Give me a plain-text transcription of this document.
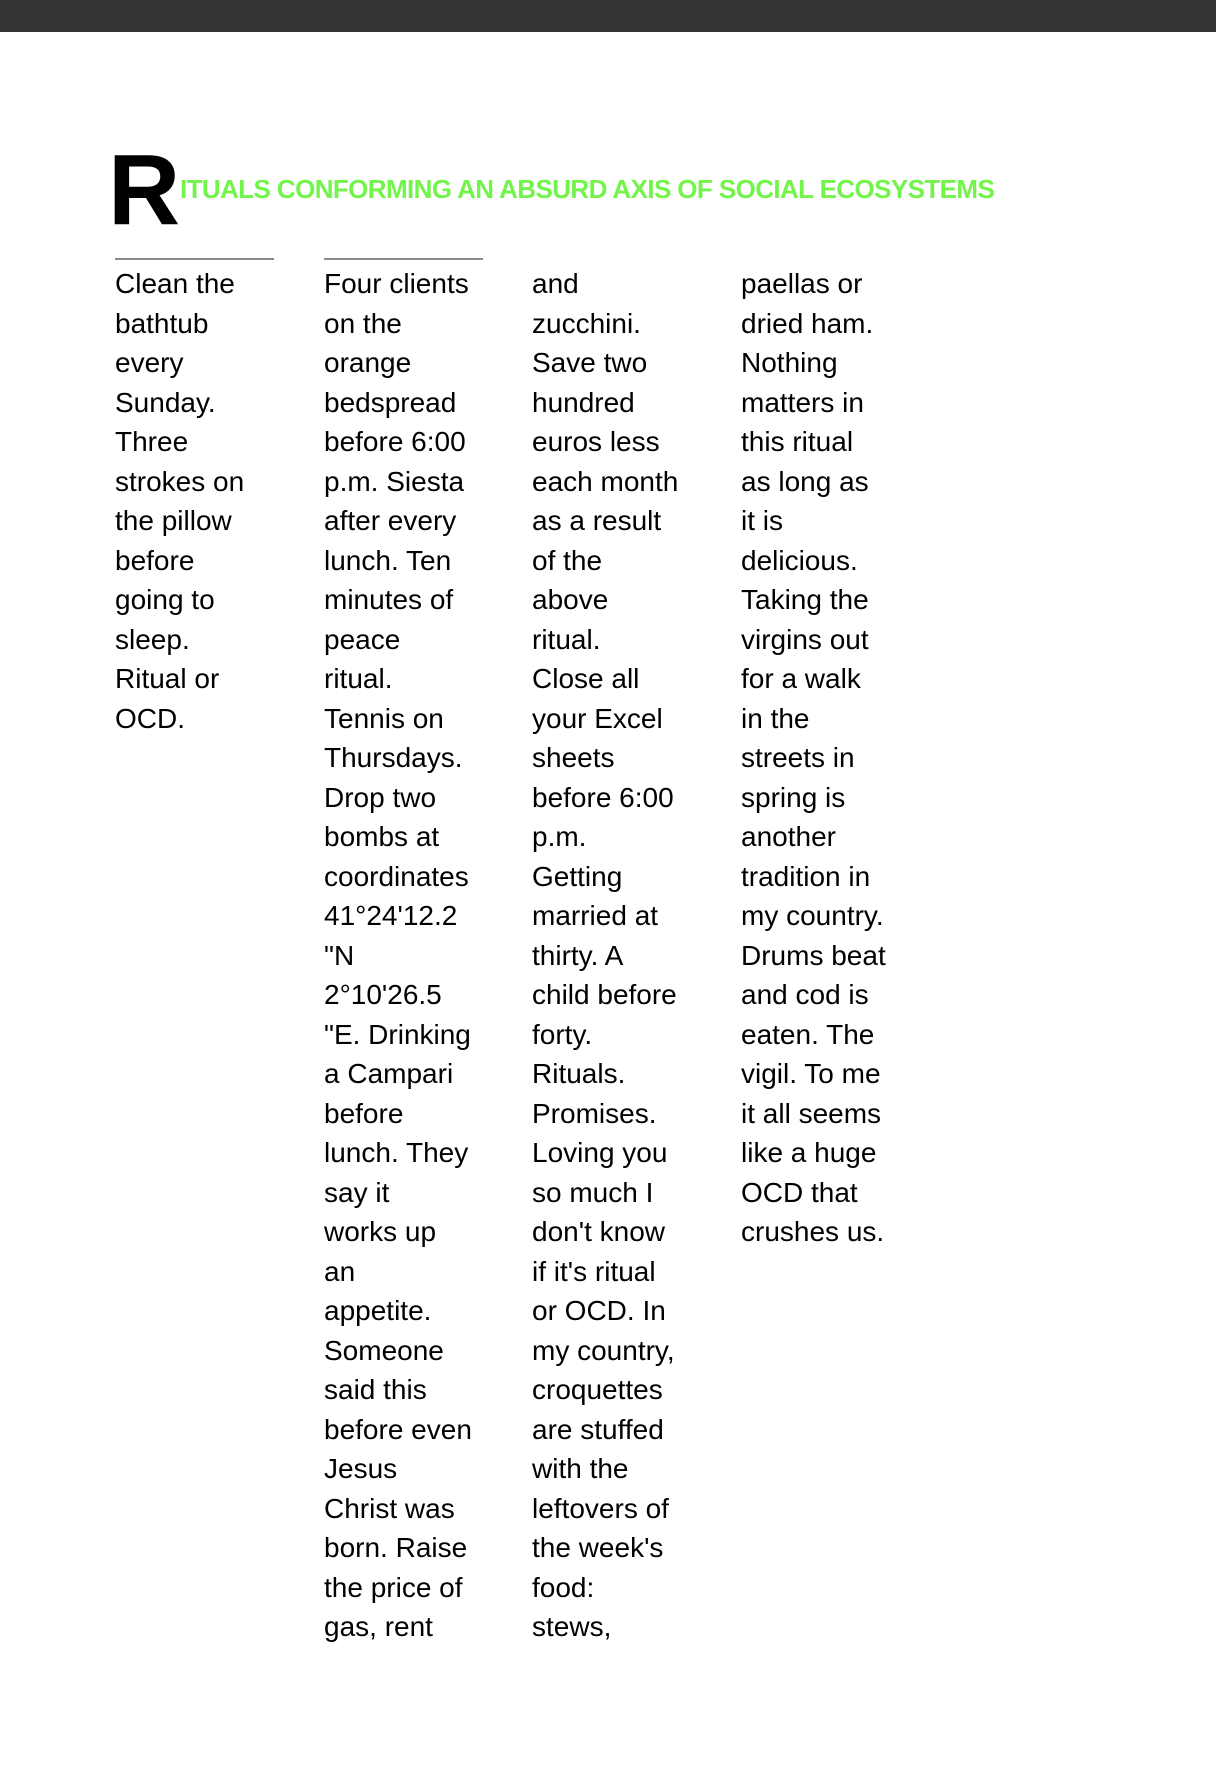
R ITUALS CONFORMING AN ABSURD AXIS OF SOCIAL ECOSYSTEMS
Clean the
bathtub
every
Sunday.
Three
strokes on
the pillow
before
going to
sleep.
Ritual or
OCD.
Four clients
on the
orange
bedspread
before 6:00
p.m. Siesta
after every
lunch. Ten
minutes of
peace
ritual.
Tennis on
Thursdays.
Drop two
bombs at
coordinates
41°24'12.2
"N
2°10'26.5
"E. Drinking
a Campari
before
lunch. They
say it
works up
an
appetite.
Someone
said this
before even
Jesus
Christ was
born. Raise
the price of
gas, rent
and
zucchini.
Save two
hundred
euros less
each month
as a result
of the
above
ritual.
Close all
your Excel
sheets
before 6:00
p.m.
Getting
married at
thirty. A
child before
forty.
Rituals.
Promises.
Loving you
so much I
don't know
if it's ritual
or OCD. In
my country,
croquettes
are stuffed
with the
leftovers of
the week's
food:
stews,
paellas or
dried ham.
Nothing
matters in
this ritual
as long as
it is
delicious.
Taking the
virgins out
for a walk
in the
streets in
spring is
another
tradition in
my country.
Drums beat
and cod is
eaten. The
vigil. To me
it all seems
like a huge
OCD that
crushes us.
